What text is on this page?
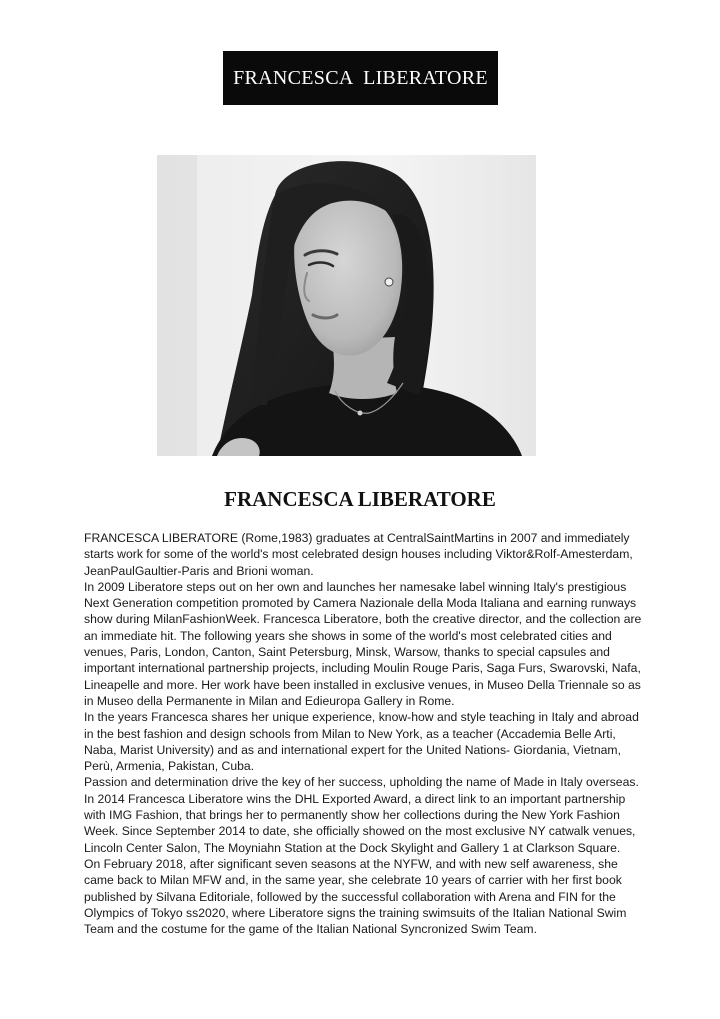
FRANCESCA  LIBERATORE
FRANCESCA LIBERATORE

FRANCESCA LIBERATORE (Rome,1983) graduates at CentralSaintMartins in 2007 and immediately starts work for some of the world's most celebrated design houses including Viktor&Rolf-Amesterdam, JeanPaulGaultier-Paris and Brioni woman.

In 2009 Liberatore steps out on her own and launches her namesake label winning Italy's prestigious Next Generation competition promoted by Camera Nazionale della Moda Italiana and earning runways show during MilanFashionWeek. Francesca Liberatore, both the creative director, and the collection are an immediate hit. The following years she shows in some of the world's most celebrated cities and venues, Paris, London, Canton, Saint Petersburg, Minsk, Warsow, thanks to special capsules and important international partnership projects, including Moulin Rouge Paris, Saga Furs, Swarovski, Nafa, Lineapelle and more. Her work have been installed in exclusive venues, in Museo Della Triennale so as in Museo della Permanente in Milan and Edieuropa Gallery in Rome.

In the years Francesca shares her unique experience, know-how and style teaching in Italy and abroad in the best fashion and design schools from Milan to New York, as a teacher (Accademia Belle Arti, Naba, Marist University) and as and international expert for the United Nations- Giordania, Vietnam, Perù, Armenia, Pakistan, Cuba.

Passion and determination drive the key of her success, upholding the name of Made in Italy overseas.

In 2014 Francesca Liberatore wins the DHL Exported Award, a direct link to an important partnership with IMG Fashion, that brings her to permanently show her collections during the New York Fashion Week. Since September 2014 to date, she officially showed on the most exclusive NY catwalk venues, Lincoln Center Salon, The Moyniahn Station at the Dock Skylight and Gallery 1 at Clarkson Square.

On February 2018, after significant seven seasons at the NYFW, and with new self awareness, she came back to Milan MFW and, in the same year, she celebrate 10 years of carrier with her first book published by Silvana Editoriale, followed by the successful collaboration with Arena and FIN for the Olympics of Tokyo ss2020, where Liberatore signs the training swimsuits of the Italian National Swim Team and the costume for the game of the Italian National Syncronized Swim Team.
